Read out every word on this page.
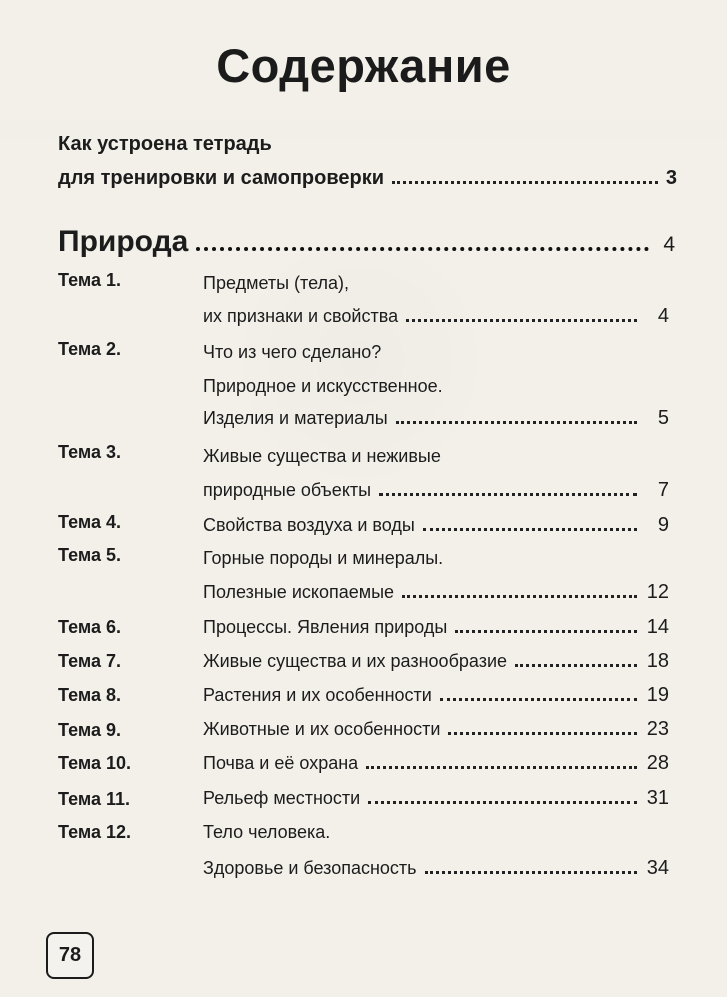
Содержание
Как устроена тетрадь
для тренировки и самопроверки	3
Природа	4
Тема 1.	Предметы (тела),
их признаки и свойства	4
Тема 2.	Что из чего сделано?
Природное и искусственное.
Изделия и материалы	5
Тема 3.	Живые существа и неживые
природные объекты	7
Тема 4.	Свойства воздуха и воды	9
Тема 5.	Горные породы и минералы.
Полезные ископаемые	12
Тема 6.	Процессы. Явления природы	14
Тема 7.	Живые существа и их разнообразие	18
Тема 8.	Растения и их особенности	19
Тема 9.	Животные и их особенности	23
Тема 10.	Почва и её охрана	28
Тема 11.	Рельеф местности	31
Тема 12.	Тело человека.
Здоровье и безопасность	34
78
